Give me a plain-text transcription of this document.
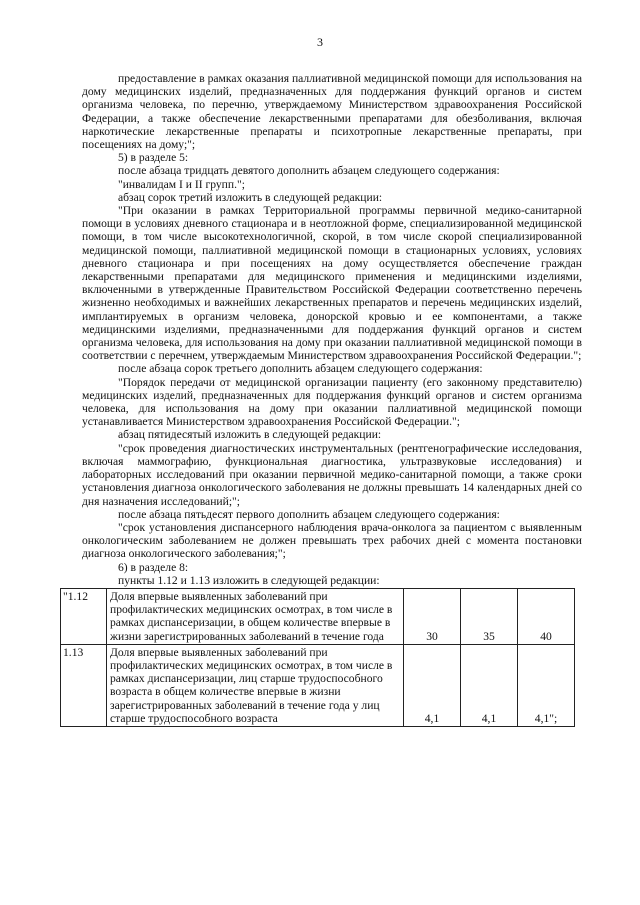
3

предоставление в рамках оказания паллиативной медицинской помощи для использования на дому медицинских изделий, предназначенных для поддержания функций органов и систем организма человека, по перечню, утверждаемому Министерством здравоохранения Российской Федерации, а также обеспечение лекарственными препаратами для обезболивания, включая наркотические лекарственные препараты и психотропные лекарственные препараты, при посещениях на дому;";

5) в разделе 5:

после абзаца тридцать девятого дополнить абзацем следующего содержания:

"инвалидам I и II групп.";

абзац сорок третий изложить в следующей редакции:

"При оказании в рамках Территориальной программы первичной медико-санитарной помощи в условиях дневного стационара и в неотложной форме, специализированной медицинской помощи, в том числе высокотехнологичной, скорой, в том числе скорой специализированной медицинской помощи, паллиативной медицинской помощи в стационарных условиях, условиях дневного стационара и при посещениях на дому осуществляется обеспечение граждан лекарственными препаратами для медицинского применения и медицинскими изделиями, включенными в утвержденные Правительством Российской Федерации соответственно перечень жизненно необходимых и важнейших лекарственных препаратов и перечень медицинских изделий, имплантируемых в организм человека, донорской кровью и ее компонентами, а также медицинскими изделиями, предназначенными для поддержания функций органов и систем организма человека, для использования на дому при оказании паллиативной медицинской помощи в соответствии с перечнем, утверждаемым Министерством здравоохранения Российской Федерации.";

после абзаца сорок третьего дополнить абзацем следующего содержания:

"Порядок передачи от медицинской организации пациенту (его законному представителю) медицинских изделий, предназначенных для поддержания функций органов и систем организма человека, для использования на дому при оказании паллиативной медицинской помощи устанавливается Министерством здравоохранения Российской Федерации.";

абзац пятидесятый изложить в следующей редакции:

"срок проведения диагностических инструментальных (рентгенографические исследования, включая маммографию, функциональная диагностика, ультразвуковые исследования) и лабораторных исследований при оказании первичной медико-санитарной помощи, а также сроки установления диагноза онкологического заболевания не должны превышать 14 календарных дней со дня назначения исследований;";

после абзаца пятьдесят первого дополнить абзацем следующего содержания:

"срок установления диспансерного наблюдения врача-онколога за пациентом с выявленным онкологическим заболеванием не должен превышать трех рабочих дней с момента постановки диагноза онкологического заболевания;";

6) в разделе 8:

пункты 1.12 и 1.13 изложить в следующей редакции:

"1.12	Доля впервые выявленных заболеваний при профилактических медицинских осмотрах, в том числе в рамках диспансеризации, в общем количестве впервые в жизни зарегистрированных заболеваний в течение года	30	35	40
1.13	Доля впервые выявленных заболеваний при профилактических медицинских осмотрах, в том числе в рамках диспансеризации, лиц старше трудоспособного возраста в общем количестве впервые в жизни зарегистрированных заболеваний в течение года у лиц старше трудоспособного возраста	4,1	4,1	4,1";
